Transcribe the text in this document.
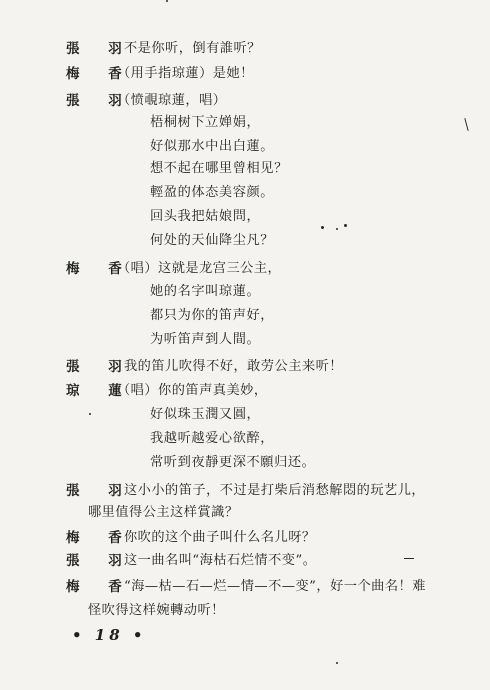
張 羽
不是你听，倒有誰听？
梅 香
（用手指琼蓮）是她！
張 羽
（愤覗琼蓮，唱）
梧桐树下立婵娟，
好似那水中出白蓮。
想不起在哪里曾相见？
輕盈的体态美容颜。
回头我把姑娘問，
何处的天仙降尘凡？
梅 香
（唱）这就是龙宫三公主，
她的名字叫琼蓮。
都只为你的笛声好，
为听笛声到人間。
張 羽
我的笛儿吹得不好，敢劳公主来听！
琼 蓮
（唱）你的笛声真美妙，
好似珠玉潤又圓，
我越听越爱心欲醉，
常听到夜靜更深不願归还。
張 羽
这小小的笛子，不过是打柴后消愁解悶的玩艺儿，
哪里值得公主这样賞識？
梅 香
你吹的这个曲子叫什么名儿呀？
張 羽
这一曲名叫“海枯石烂情不变”。
梅 香
“海—枯—石—烂—情—不—变”，好一个曲名！难
怪吹得这样婉轉动听！
• 18 •
